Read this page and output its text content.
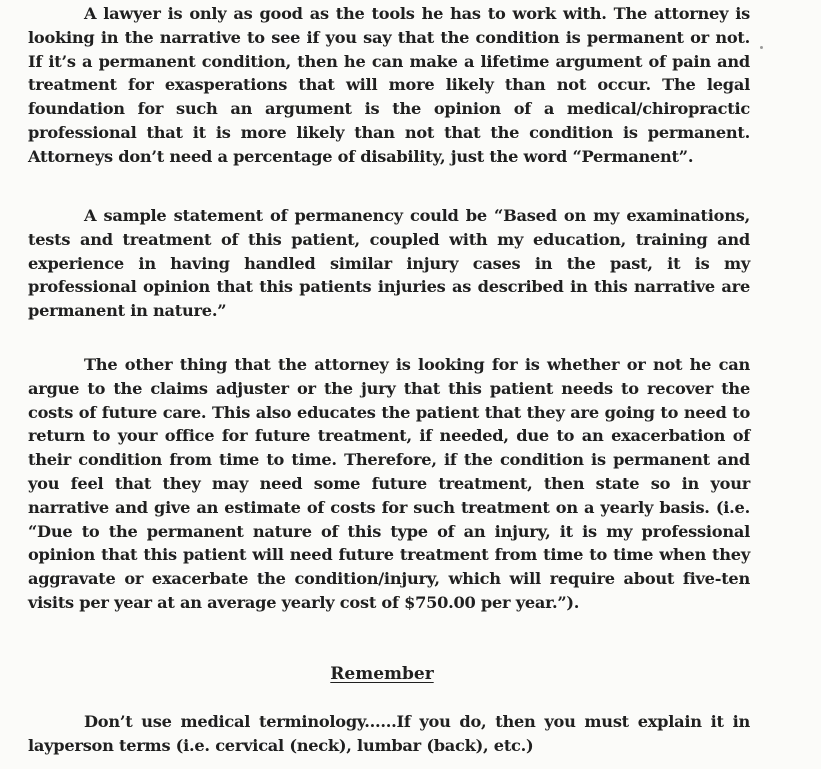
A lawyer is only as good as the tools he has to work with. The attorney is looking in the narrative to see if you say that the condition is permanent or not. If it’s a permanent condition, then he can make a lifetime argument of pain and treatment for exasperations that will more likely than not occur. The legal foundation for such an argument is the opinion of a medical/chiropractic professional that it is more likely than not that the condition is permanent. Attorneys don’t need a percentage of disability, just the word “Permanent”.

A sample statement of permanency could be “Based on my examinations, tests and treatment of this patient, coupled with my education, training and experience in having handled similar injury cases in the past, it is my professional opinion that this patients injuries as described in this narrative are permanent in nature.”

The other thing that the attorney is looking for is whether or not he can argue to the claims adjuster or the jury that this patient needs to recover the costs of future care. This also educates the patient that they are going to need to return to your office for future treatment, if needed, due to an exacerbation of their condition from time to time. Therefore, if the condition is permanent and you feel that they may need some future treatment, then state so in your narrative and give an estimate of costs for such treatment on a yearly basis. (i.e. “Due to the permanent nature of this type of an injury, it is my professional opinion that this patient will need future treatment from time to time when they aggravate or exacerbate the condition/injury, which will require about five-ten visits per year at an average yearly cost of $750.00 per year.”).

Remember

Don’t use medical terminology......If you do, then you must explain it in layperson terms (i.e. cervical (neck), lumbar (back), etc.)
